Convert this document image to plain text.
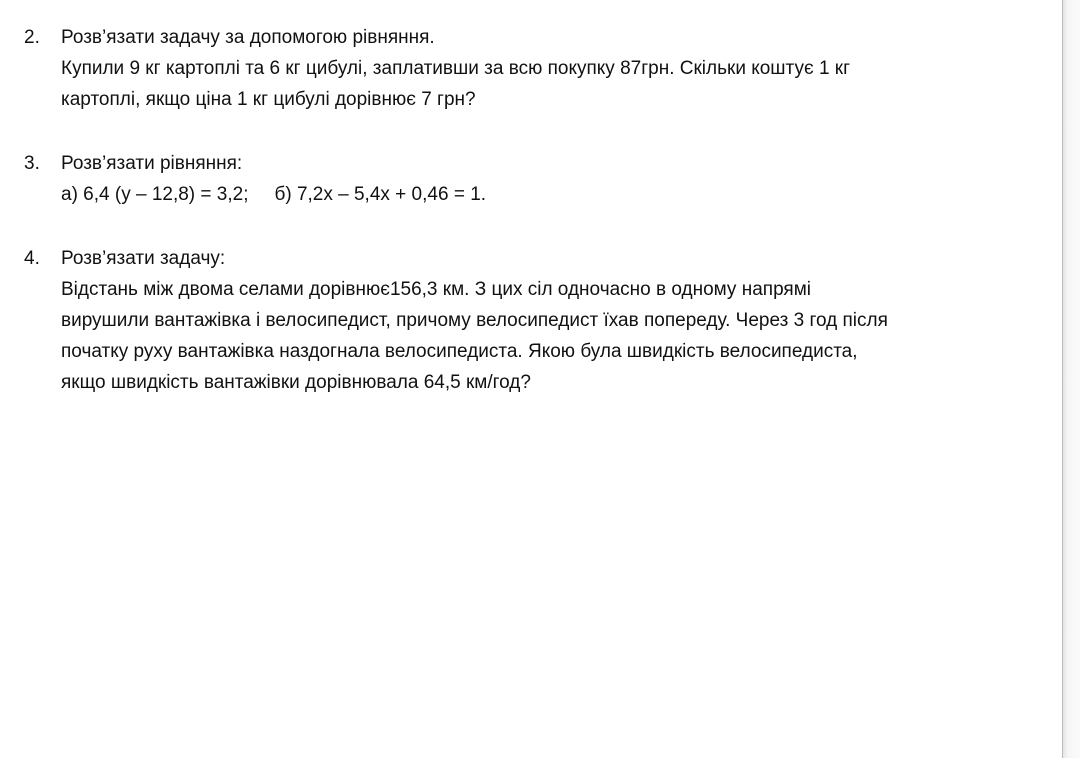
2. Розв’язати задачу за допомогою рівняння.
Купили 9 кг картоплі та 6 кг цибулі, заплативши за всю покупку 87грн. Скільки коштує 1 кг
картоплі, якщо ціна 1 кг цибулі дорівнює 7 грн?
3. Розв’язати рівняння:
а) 6,4 (у – 12,8) = 3,2; б) 7,2х – 5,4х + 0,46 = 1.
4. Розв’язати задачу:
Відстань між двома селами дорівнює156,3 км. З цих сіл одночасно в одному напрямі
вирушили вантажівка і велосипедист, причому велосипедист їхав попереду. Через 3 год після
початку руху вантажівка наздогнала велосипедиста. Якою була швидкість велосипедиста,
якщо швидкість вантажівки дорівнювала 64,5 км/год?
